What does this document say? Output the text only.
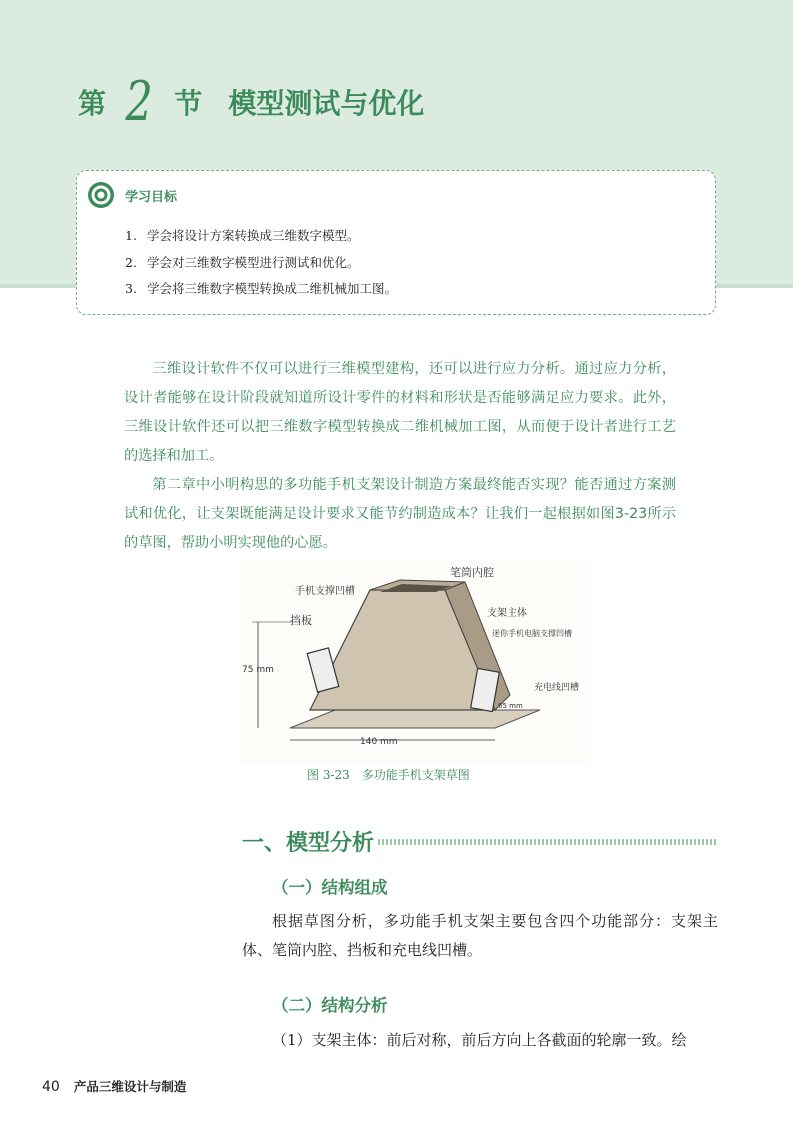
第 2 节 模型测试与优化
学习目标
1. 学会将设计方案转换成三维数字模型。
2. 学会对三维数字模型进行测试和优化。
3. 学会将三维数字模型转换成二维机械加工图。

三维设计软件不仅可以进行三维模型建构，还可以进行应力分析。通过应力分析，设计者能够在设计阶段就知道所设计零件的材料和形状是否能够满足应力要求。此外，三维设计软件还可以把三维数字模型转换成二维机械加工图，从而便于设计者进行工艺的选择和加工。

第二章中小明构思的多功能手机支架设计制造方案最终能否实现？能否通过方案测试和优化，让支架既能满足设计要求又能节约制造成本？让我们一起根据如图3-23所示的草图，帮助小明实现他的心愿。

手机支撑凹槽
笔筒内腔
挡板
支架主体
迷你手机电脑支撑凹槽
充电线凹槽
75 mm
140 mm
65 mm
图 3-23　多功能手机支架草图
一、模型分析
（一）结构组成

根据草图分析，多功能手机支架主要包含四个功能部分：支架主体、笔筒内腔、挡板和充电线凹槽。

（二）结构分析

（1）支架主体：前后对称，前后方向上各截面的轮廓一致。绘

40 产品三维设计与制造
